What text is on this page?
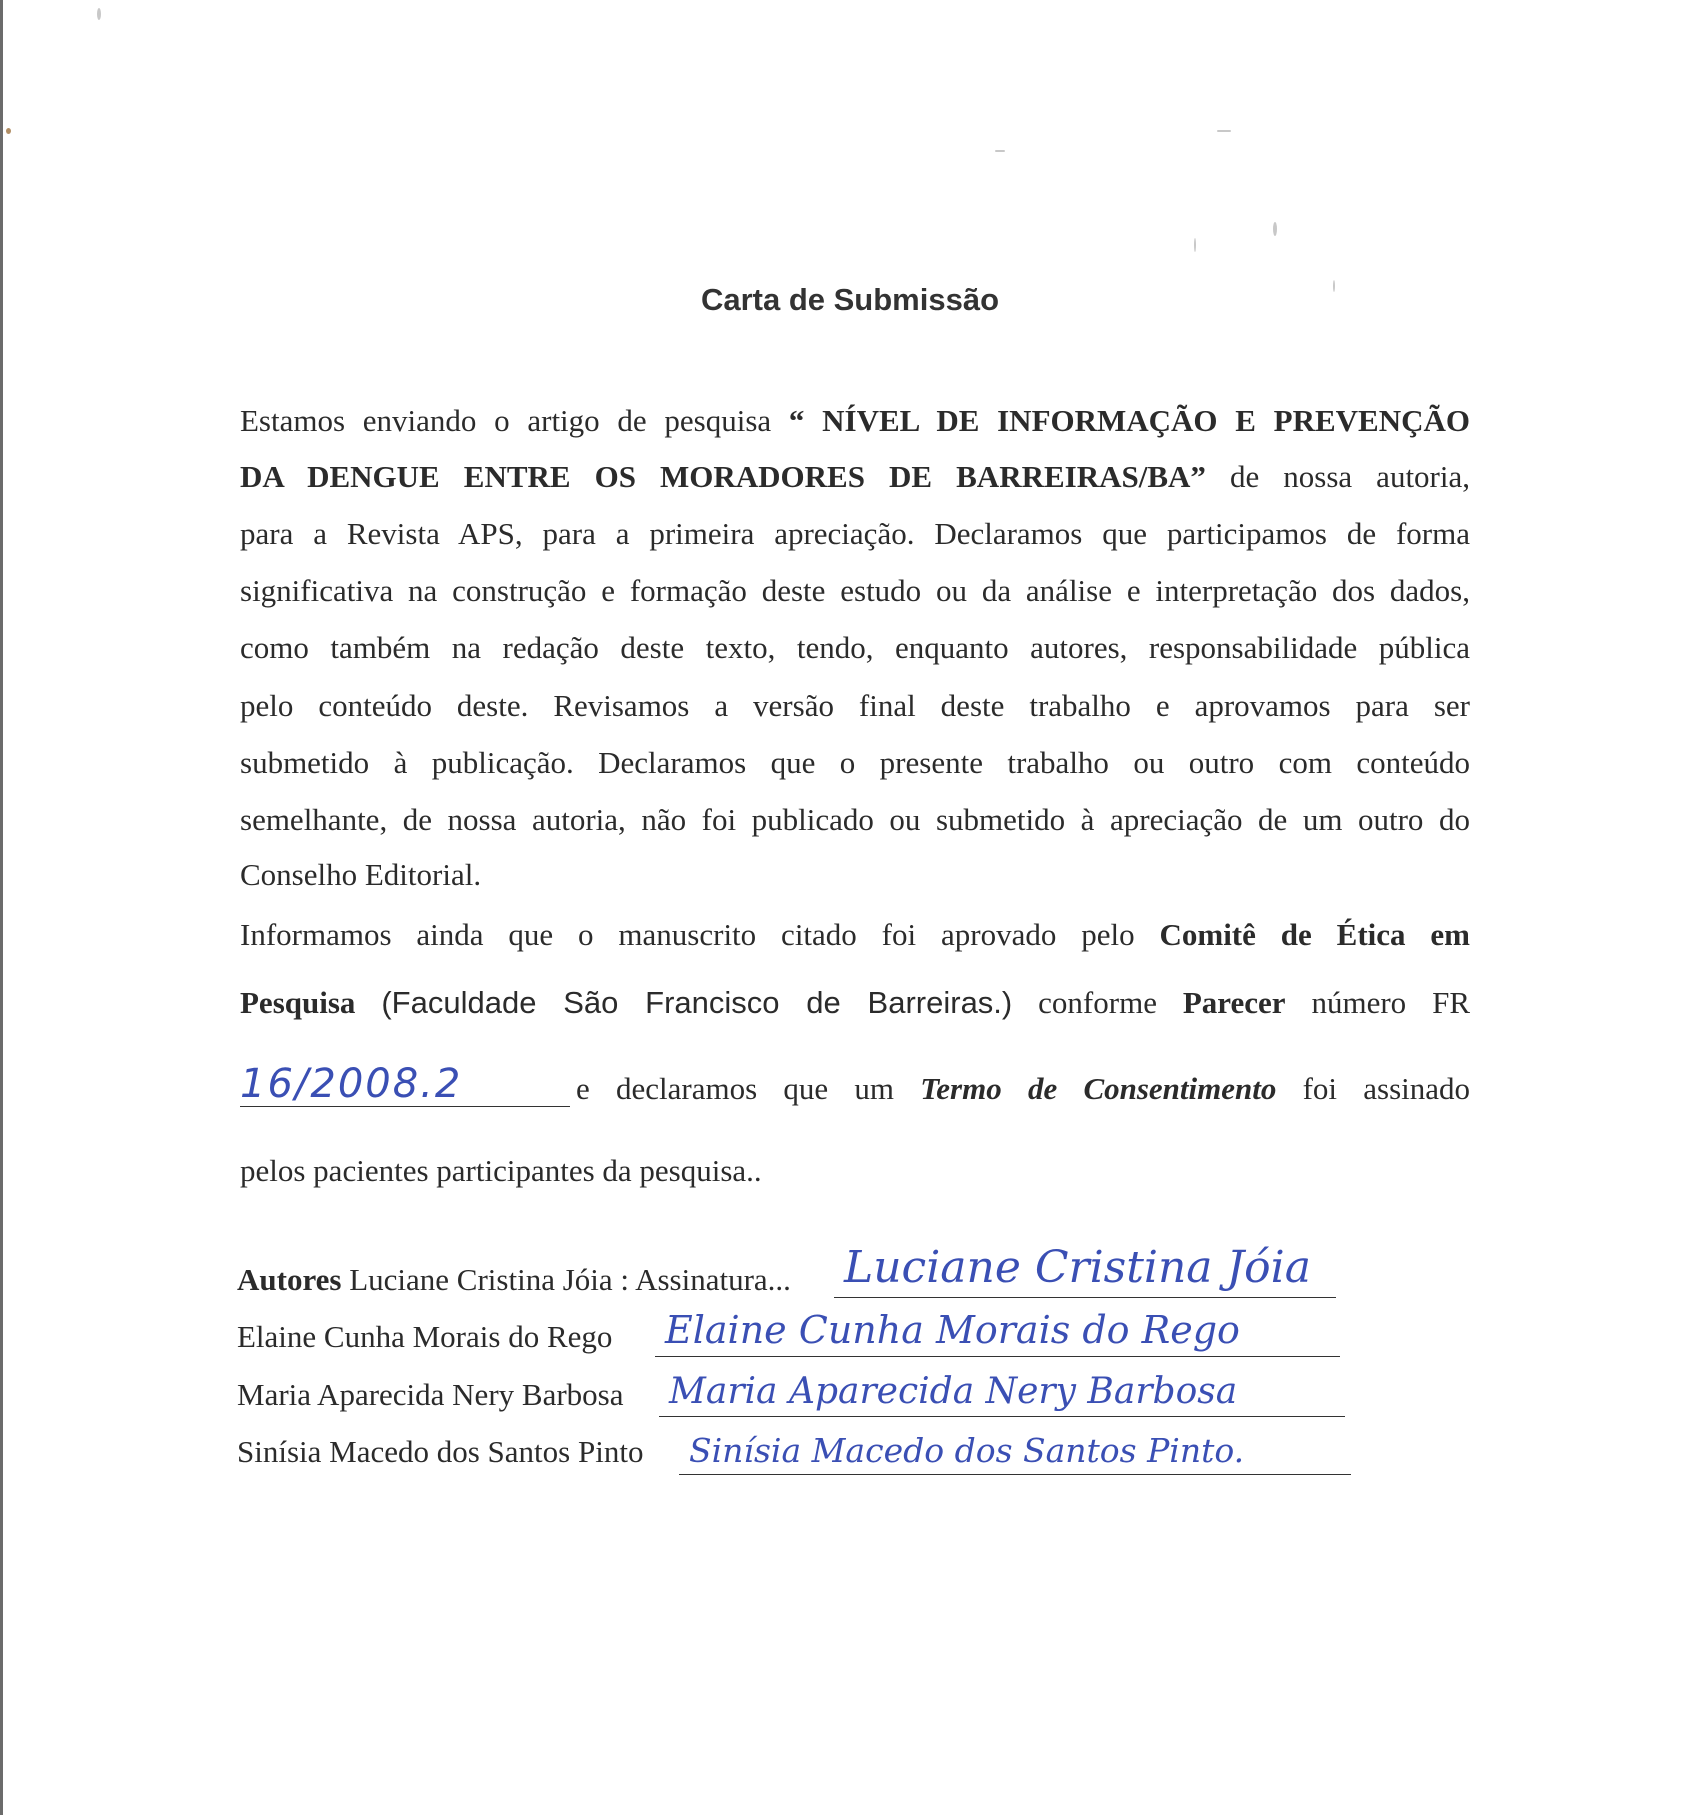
Carta de Submissão
Estamos enviando o artigo de pesquisa “ NÍVEL DE INFORMAÇÃO E PREVENÇÃO
DA DENGUE ENTRE OS MORADORES DE BARREIRAS/BA” de nossa autoria,
para a Revista APS, para a primeira apreciação. Declaramos que participamos de forma
significativa na construção e formação deste estudo ou da análise e interpretação dos dados,
como também na redação deste texto, tendo, enquanto autores, responsabilidade pública
pelo conteúdo deste. Revisamos a versão final deste trabalho e aprovamos para ser
submetido à publicação. Declaramos que o presente trabalho ou outro com conteúdo
semelhante, de nossa autoria, não foi publicado ou submetido à apreciação de um outro do
Conselho Editorial.
Informamos ainda que o manuscrito citado foi aprovado pelo Comitê de Ética em
Pesquisa (Faculdade São Francisco de Barreiras.) conforme Parecer número FR
16/2008.2	e declaramos que um Termo de Consentimento foi assinado
pelos pacientes participantes da pesquisa..
Autores Luciane Cristina Jóia : Assinatura... Luciane Cristina Jóia
Elaine Cunha Morais do Rego Elaine Cunha Morais do Rego
Maria Aparecida Nery Barbosa Maria Aparecida Nery Barbosa
Sinísia Macedo dos Santos Pinto Sinísia Macedo dos Santos Pinto.
